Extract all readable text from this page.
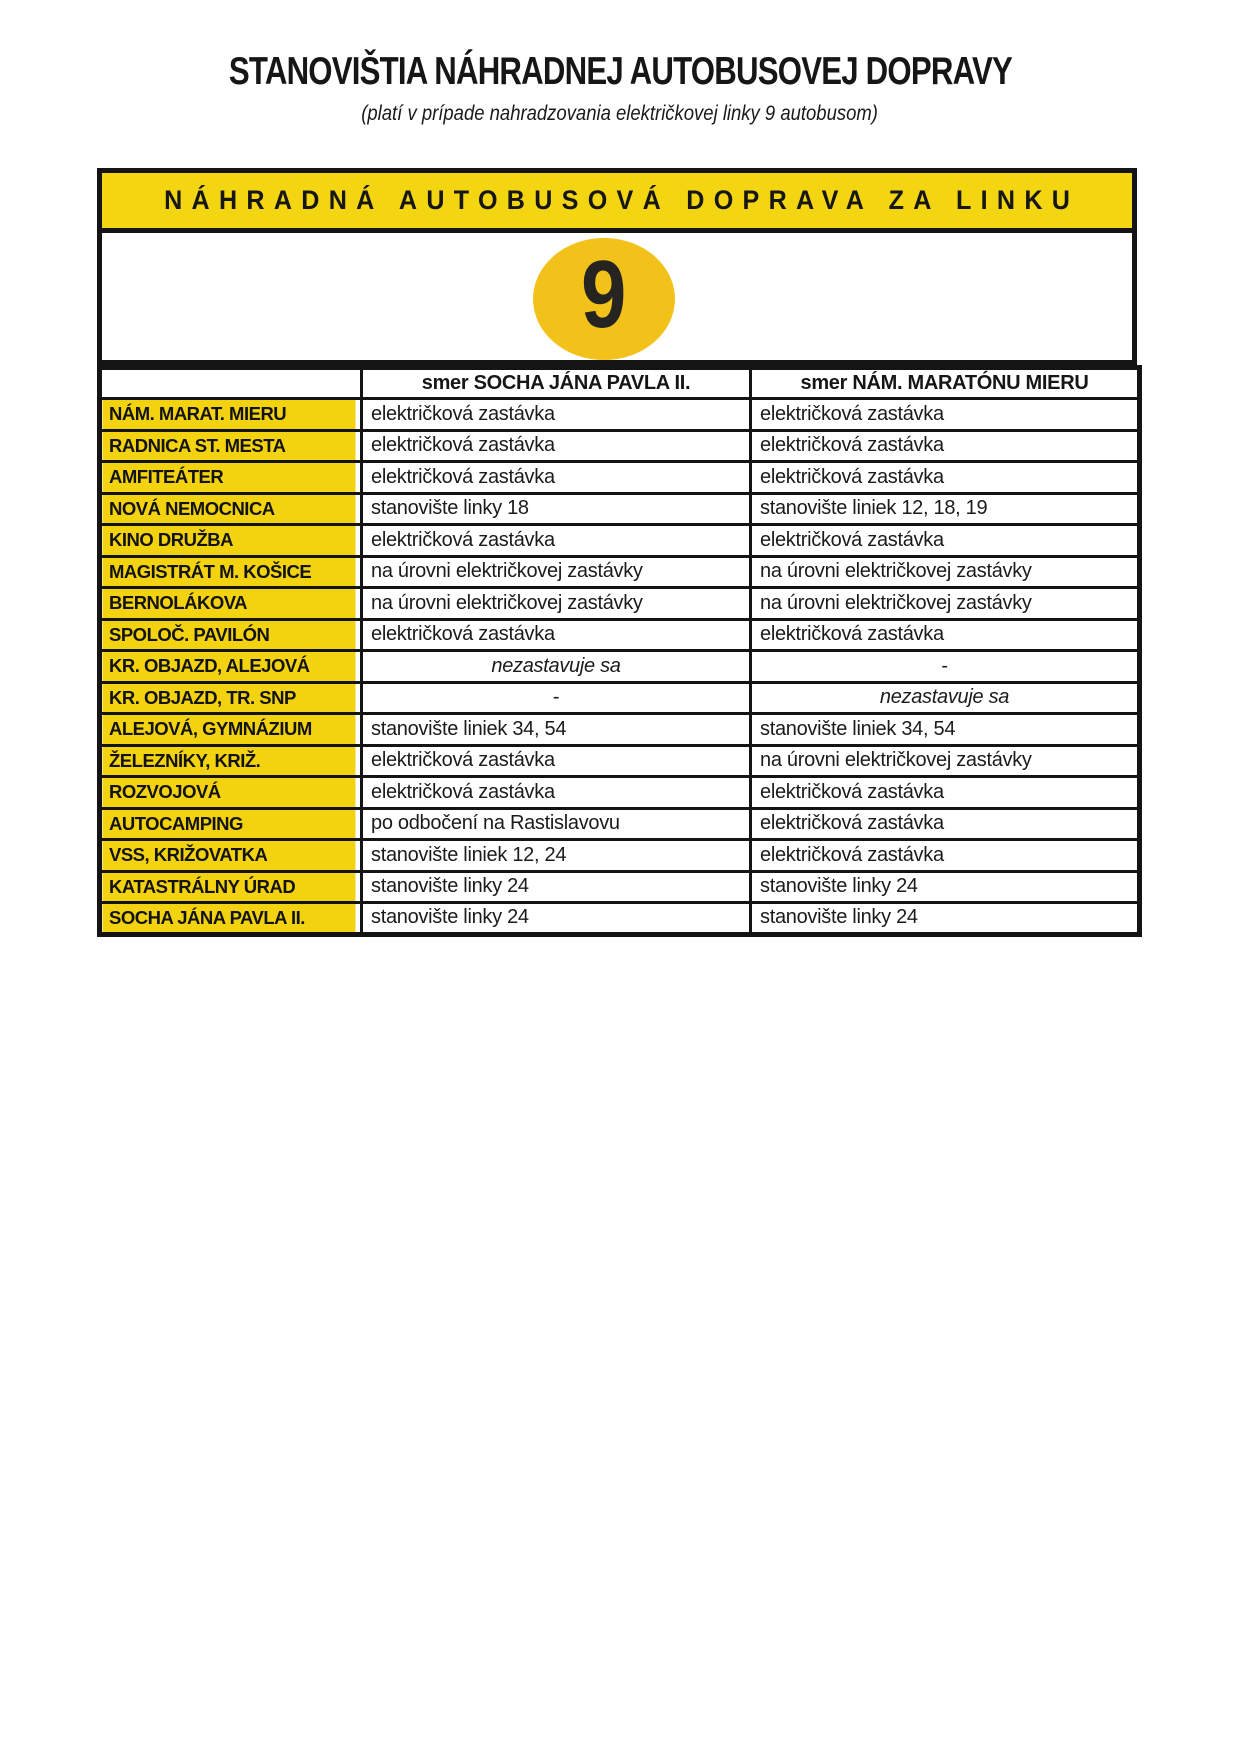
STANOVIŠTIA NÁHRADNEJ AUTOBUSOVEJ DOPRAVY
(platí v prípade nahradzovania električkovej linky 9 autobusom)
NÁHRADNÁ AUTOBUSOVÁ DOPRAVA ZA LINKU
9
	smer SOCHA JÁNA PAVLA II.	smer NÁM. MARATÓNU MIERU
NÁM. MARAT. MIERU	električková zastávka	električková zastávka
RADNICA ST. MESTA	električková zastávka	električková zastávka
AMFITEÁTER	električková zastávka	električková zastávka
NOVÁ NEMOCNICA	stanovište linky 18	stanovište liniek 12, 18, 19
KINO DRUŽBA	električková zastávka	električková zastávka
MAGISTRÁT M. KOŠICE	na úrovni električkovej zastávky	na úrovni električkovej zastávky
BERNOLÁKOVA	na úrovni električkovej zastávky	na úrovni električkovej zastávky
SPOLOČ. PAVILÓN	električková zastávka	električková zastávka
KR. OBJAZD, ALEJOVÁ	nezastavuje sa	-
KR. OBJAZD, TR. SNP	-	nezastavuje sa
ALEJOVÁ, GYMNÁZIUM	stanovište liniek 34, 54	stanovište liniek 34, 54
ŽELEZNÍKY, KRIŽ.	električková zastávka	na úrovni električkovej zastávky
ROZVOJOVÁ	električková zastávka	električková zastávka
AUTOCAMPING	po odbočení na Rastislavovu	električková zastávka
VSS, KRIŽOVATKA	stanovište liniek 12, 24	električková zastávka
KATASTRÁLNY ÚRAD	stanovište linky 24	stanovište linky 24
SOCHA JÁNA PAVLA II.	stanovište linky 24	stanovište linky 24
